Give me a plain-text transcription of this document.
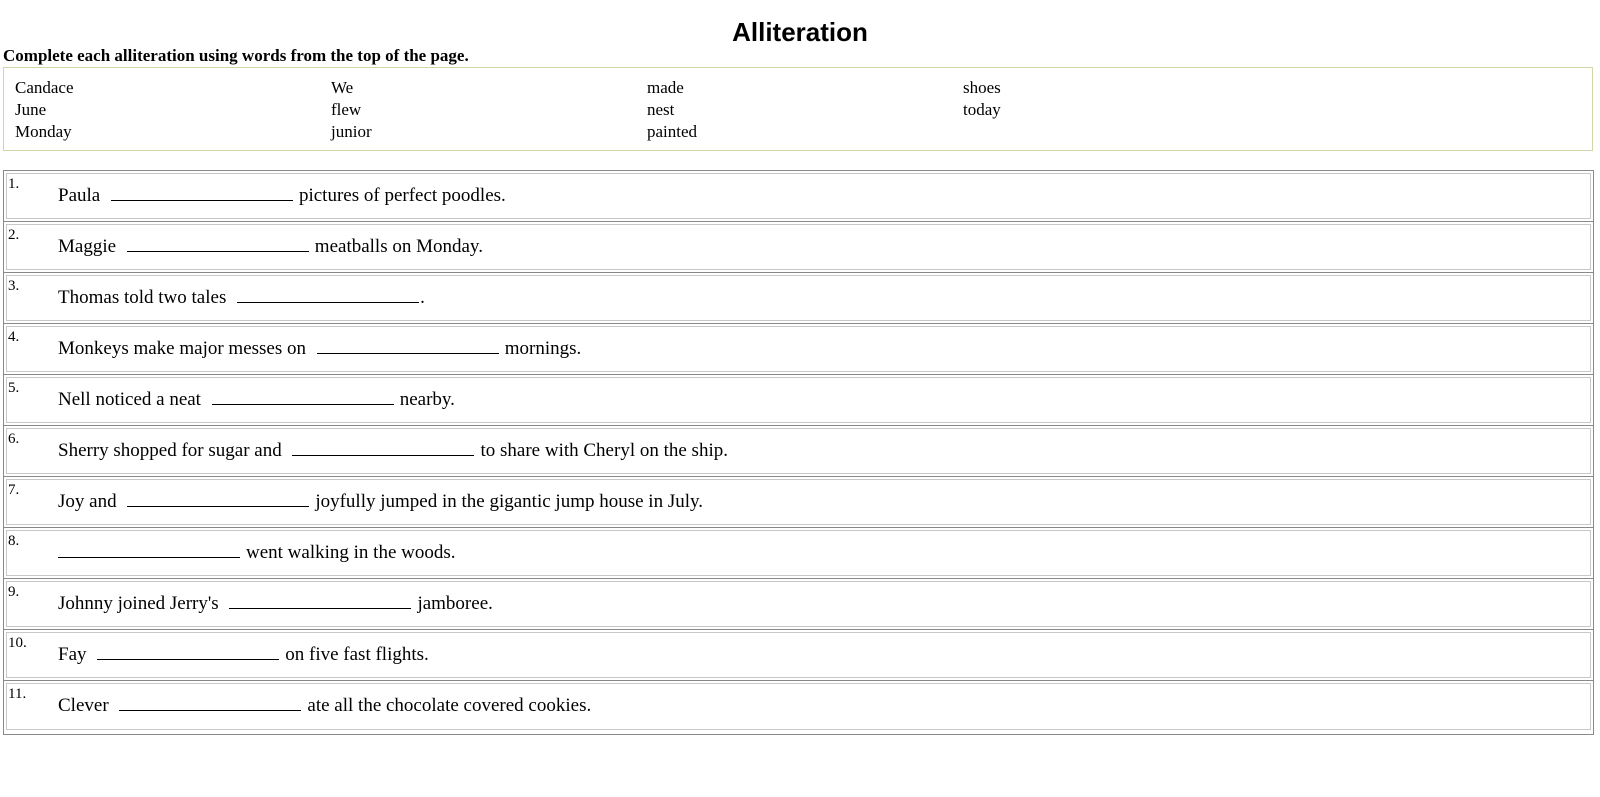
Alliteration

Complete each alliteration using words from the top of the page.

Candace	We	made	shoes
June	flew	nest	today
Monday	junior	painted
1.
Paula	pictures of perfect poodles.
2.
Maggie	meatballs on Monday.
3.
Thomas told two tales	.
4.
Monkeys make major messes on	mornings.
5.
Nell noticed a neat	nearby.
6.
Sherry shopped for sugar and	to share with Cheryl on the ship.
7.
Joy and	joyfully jumped in the gigantic jump house in July.
8.
went walking in the woods.
9.
Johnny joined Jerry's	jamboree.
10.
Fay	on five fast flights.
11.
Clever	ate all the chocolate covered cookies.
